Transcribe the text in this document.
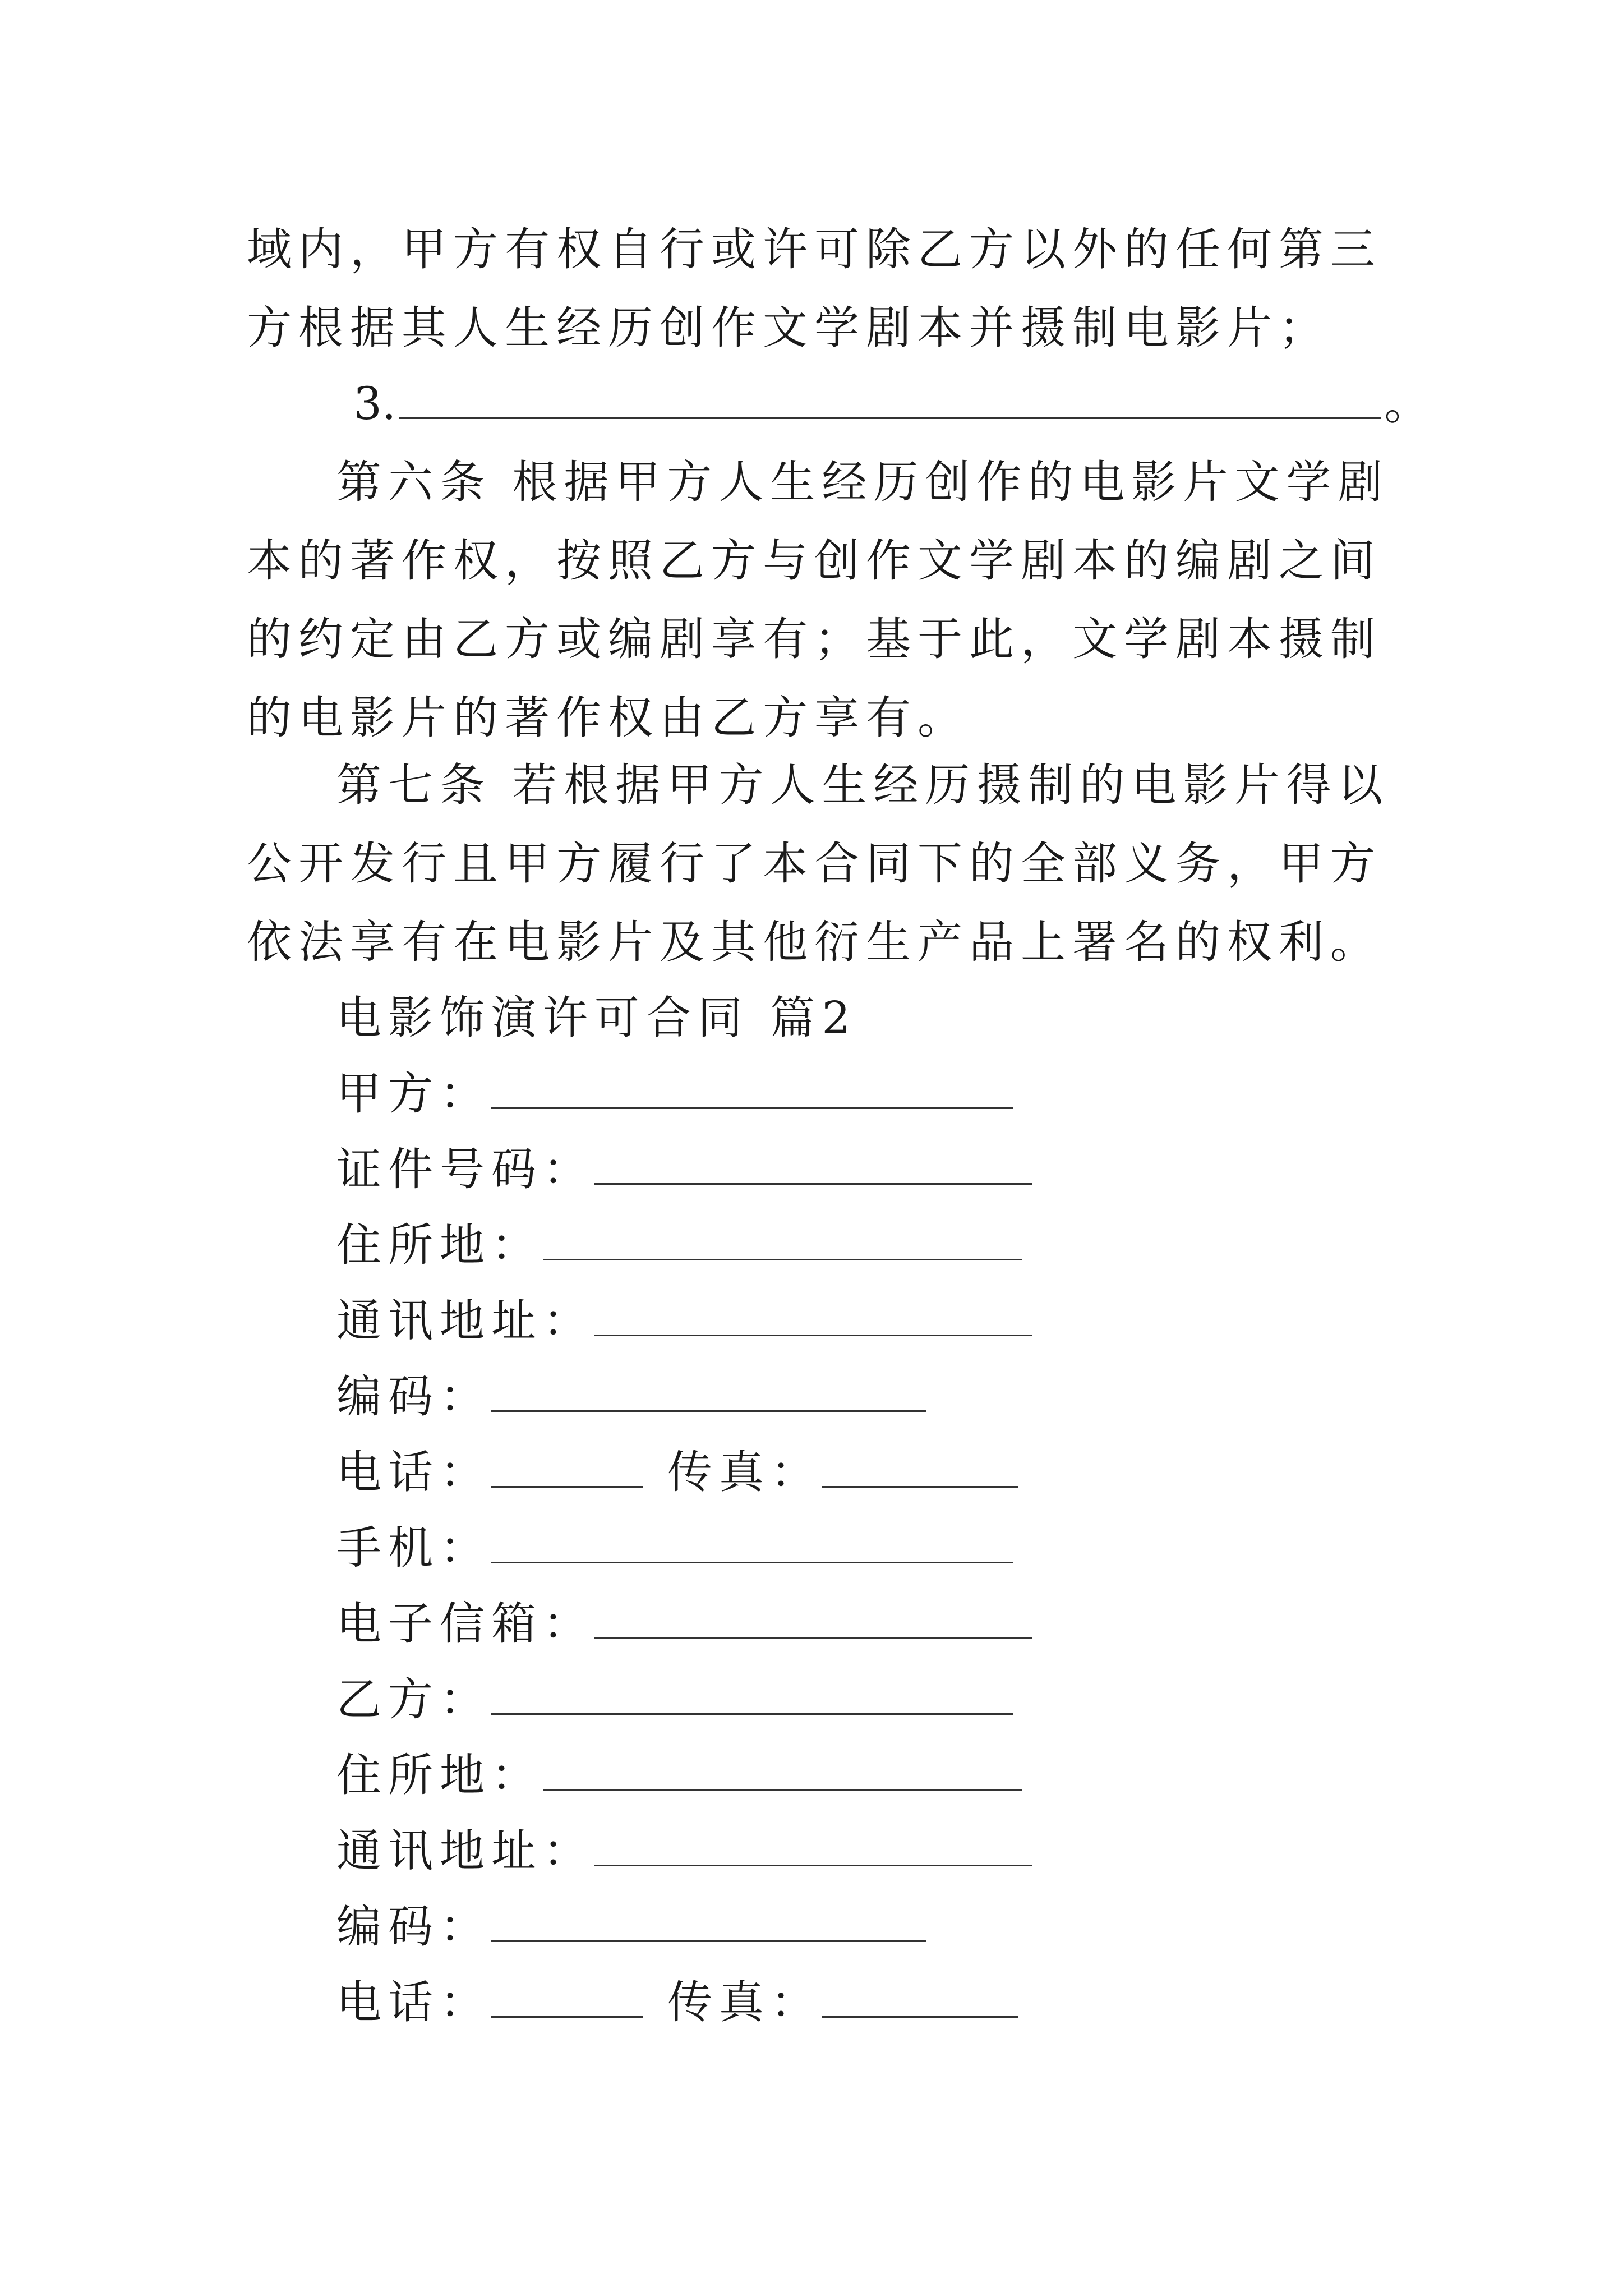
域内，甲方有权自行或许可除乙方以外的任何第三方根据其人生经历创作文学剧本并摄制电影片；

3.	。

第六条 根据甲方人生经历创作的电影片文学剧本的著作权，按照乙方与创作文学剧本的编剧之间的约定由乙方或编剧享有；基于此，文学剧本摄制的电影片的著作权由乙方享有。

第七条 若根据甲方人生经历摄制的电影片得以公开发行且甲方履行了本合同下的全部义务，甲方依法享有在电影片及其他衍生产品上署名的权利。

电影饰演许可合同 篇2
甲方：
证件号码：
住所地：
通讯地址：
编码：
电话：	传真：
手机：
电子信箱：
乙方：
住所地：
通讯地址：
编码：
电话：	传真：
